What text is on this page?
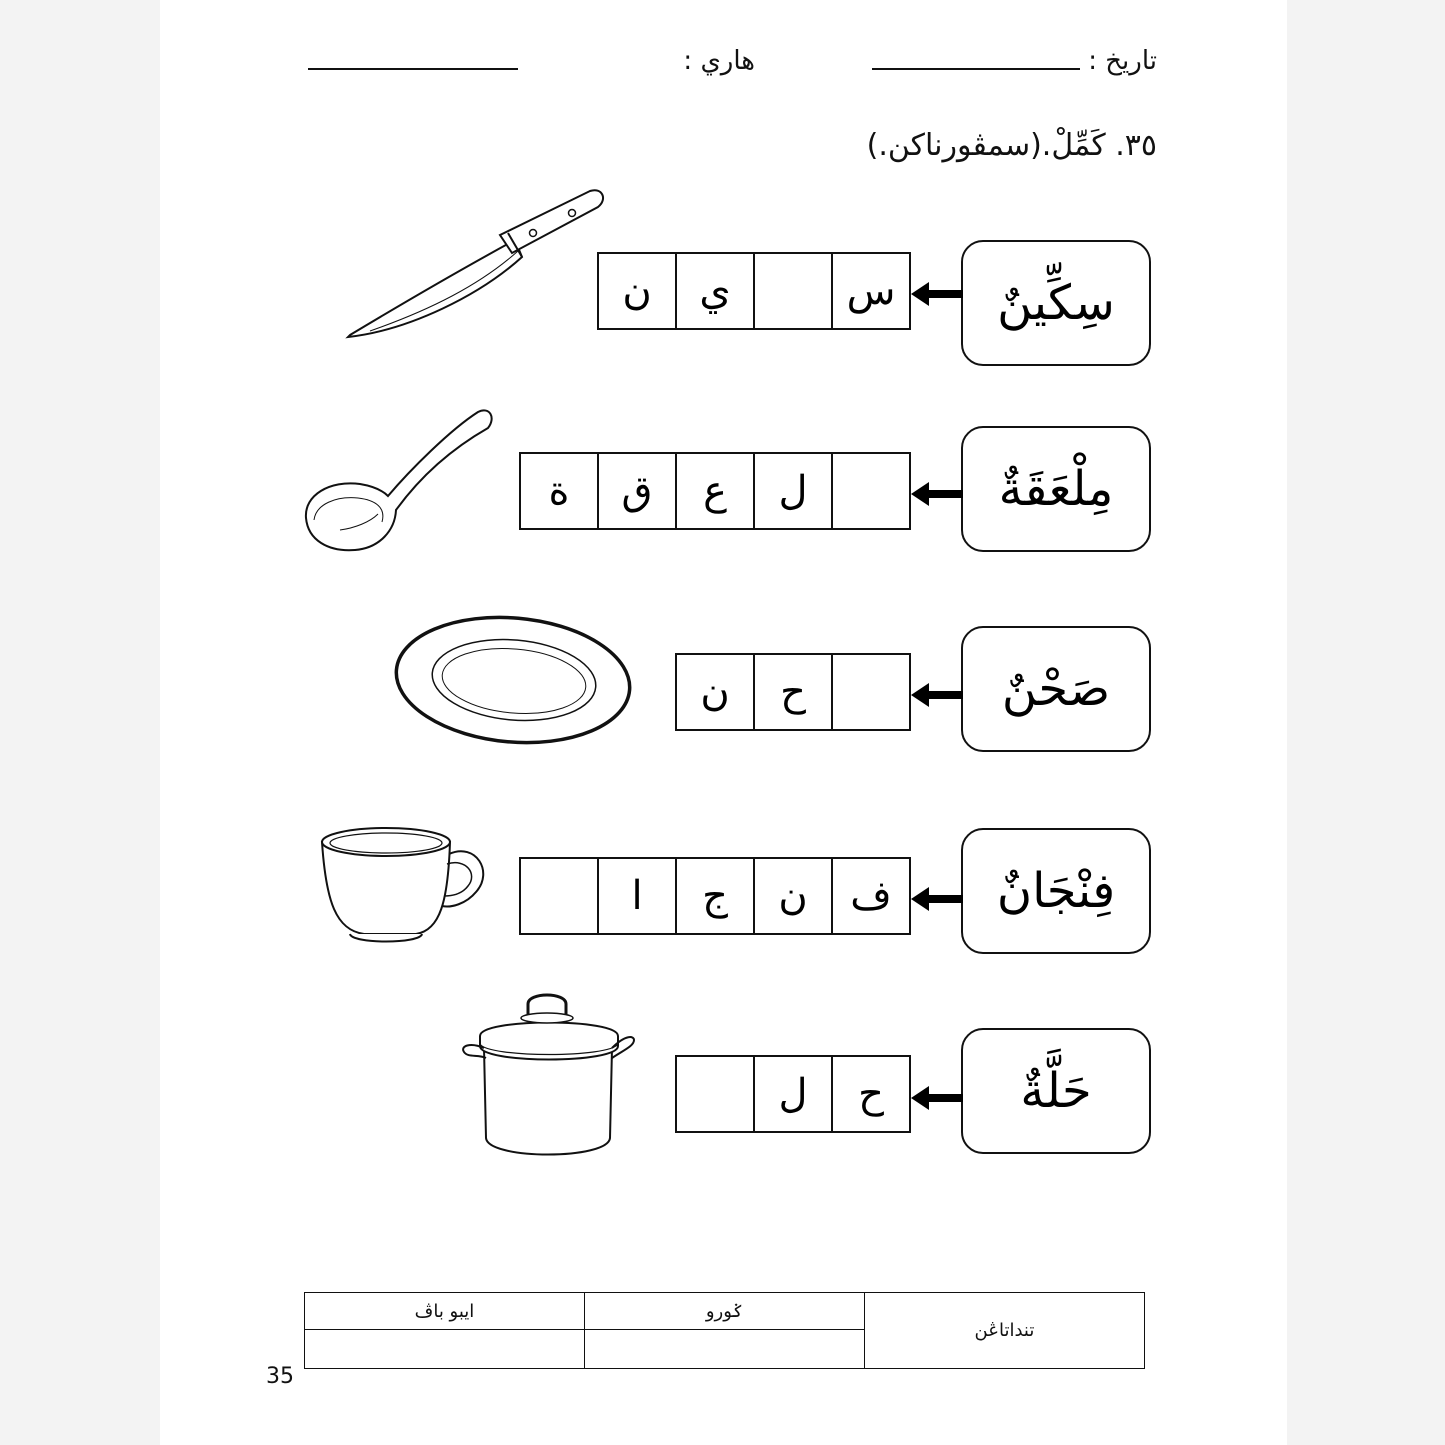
تاريخ :
هاري :
٣٥. كَمِّلْ.(سمڤورناكن.)
سِكِّينٌ
س
ي
ن
مِلْعَقَةٌ
ل
ع
ق
ة
صَحْنٌ
ح
ن
فِنْجَانٌ
ف
ن
ج
ا
حَلَّةٌ
ح
ل
تنداتاڠن	ݢورو	ايبو باڤ

35
